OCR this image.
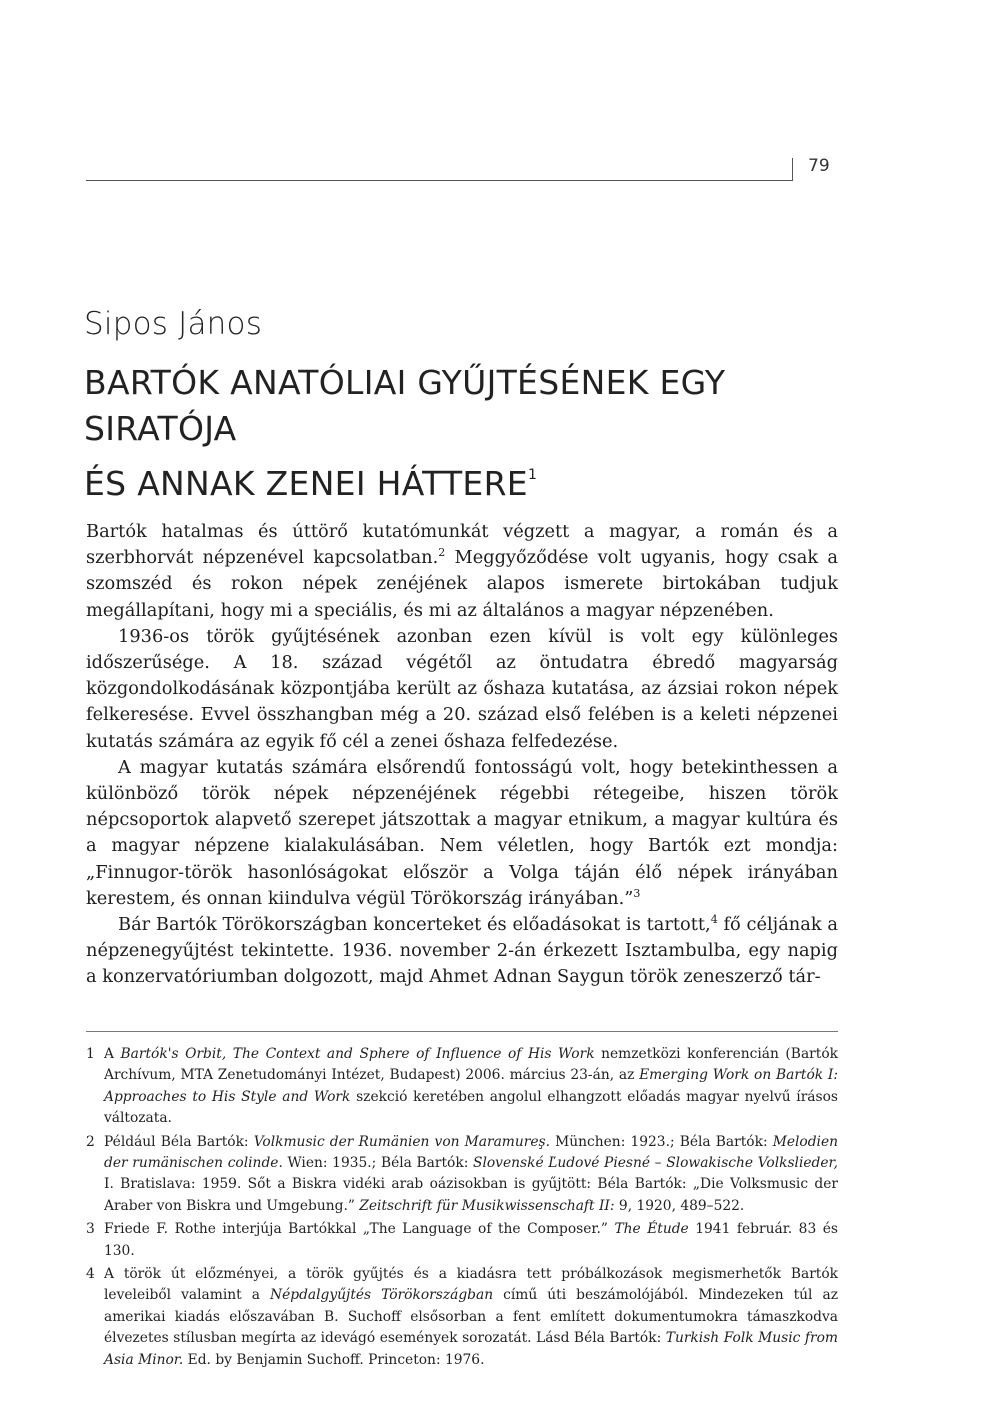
79
Sipos János
BARTÓK ANATÓLIAI GYŰJTÉSÉNEK EGY SIRATÓJA
ÉS ANNAK ZENEI HÁTTERE$^1$

Bartók hatalmas és úttörő kutatómunkát végzett a magyar, a román és a szerbhorvát népzenével kapcsolatban.$^2$ Meggyőződése volt ugyanis, hogy csak a szomszéd és rokon népek zenéjének alapos ismerete birtokában tudjuk megállapítani, hogy mi a speciális, és mi az általános a magyar népzenében.

1936-os török gyűjtésének azonban ezen kívül is volt egy különleges időszerűsége. A 18. század végétől az öntudatra ébredő magyarság közgondolkodásának központjába került az őshaza kutatása, az ázsiai rokon népek felkeresése. Evvel összhangban még a 20. század első felében is a keleti népzenei kutatás számára az egyik fő cél a zenei őshaza felfedezése.

A magyar kutatás számára elsőrendű fontosságú volt, hogy betekinthessen a különböző török népek népzenéjének régebbi rétegeibe, hiszen török népcsoportok alapvető szerepet játszottak a magyar etnikum, a magyar kultúra és a magyar népzene kialakulásában. Nem véletlen, hogy Bartók ezt mondja: „Finnugor-török hasonlóságokat először a Volga táján élő népek irányában kerestem, és onnan kiindulva végül Törökország irányában.”$^3$

Bár Bartók Törökországban koncerteket és előadásokat is tartott,$^4$ fő céljának a népzenegyűjtést tekintette. 1936. november 2-án érkezett Isztambulba, egy napig a konzervatóriumban dolgozott, majd Ahmet Adnan Saygun török zeneszerző tár-

1 A Bartók's Orbit, The Context and Sphere of Influence of His Work nemzetközi konferencián (Bartók Archívum, MTA Zenetudományi Intézet, Budapest) 2006. március 23-án, az Emerging Work on Bartók I: Approaches to His Style and Work szekció keretében angolul elhangzott előadás magyar nyelvű írásos változata.
2 Például Béla Bartók: Volkmusic der Rumänien von Maramureş. München: 1923.; Béla Bartók: Melodien der rumänischen colinde. Wien: 1935.; Béla Bartók: Slovenské Ľudové Piesné – Slowakische Volkslieder, I. Bratislava: 1959. Sőt a Biskra vidéki arab oázisokban is gyűjtött: Béla Bartók: „Die Volksmusic der Araber von Biskra und Umgebung.” Zeitschrift für Musikwissenschaft II: 9, 1920, 489–522.
3 Friede F. Rothe interjúja Bartókkal „The Language of the Composer.” The Étude 1941 február. 83 és 130.
4 A török út előzményei, a török gyűjtés és a kiadásra tett próbálkozások megismerhetők Bartók leveleiből valamint a Népdalgyűjtés Törökországban című úti beszámolójából. Mindezeken túl az amerikai kiadás előszavában B. Suchoff elsősorban a fent említett dokumentumokra támaszkodva élvezetes stílusban megírta az idevágó események sorozatát. Lásd Béla Bartók: Turkish Folk Music from Asia Minor. Ed. by Benjamin Suchoff. Princeton: 1976.
